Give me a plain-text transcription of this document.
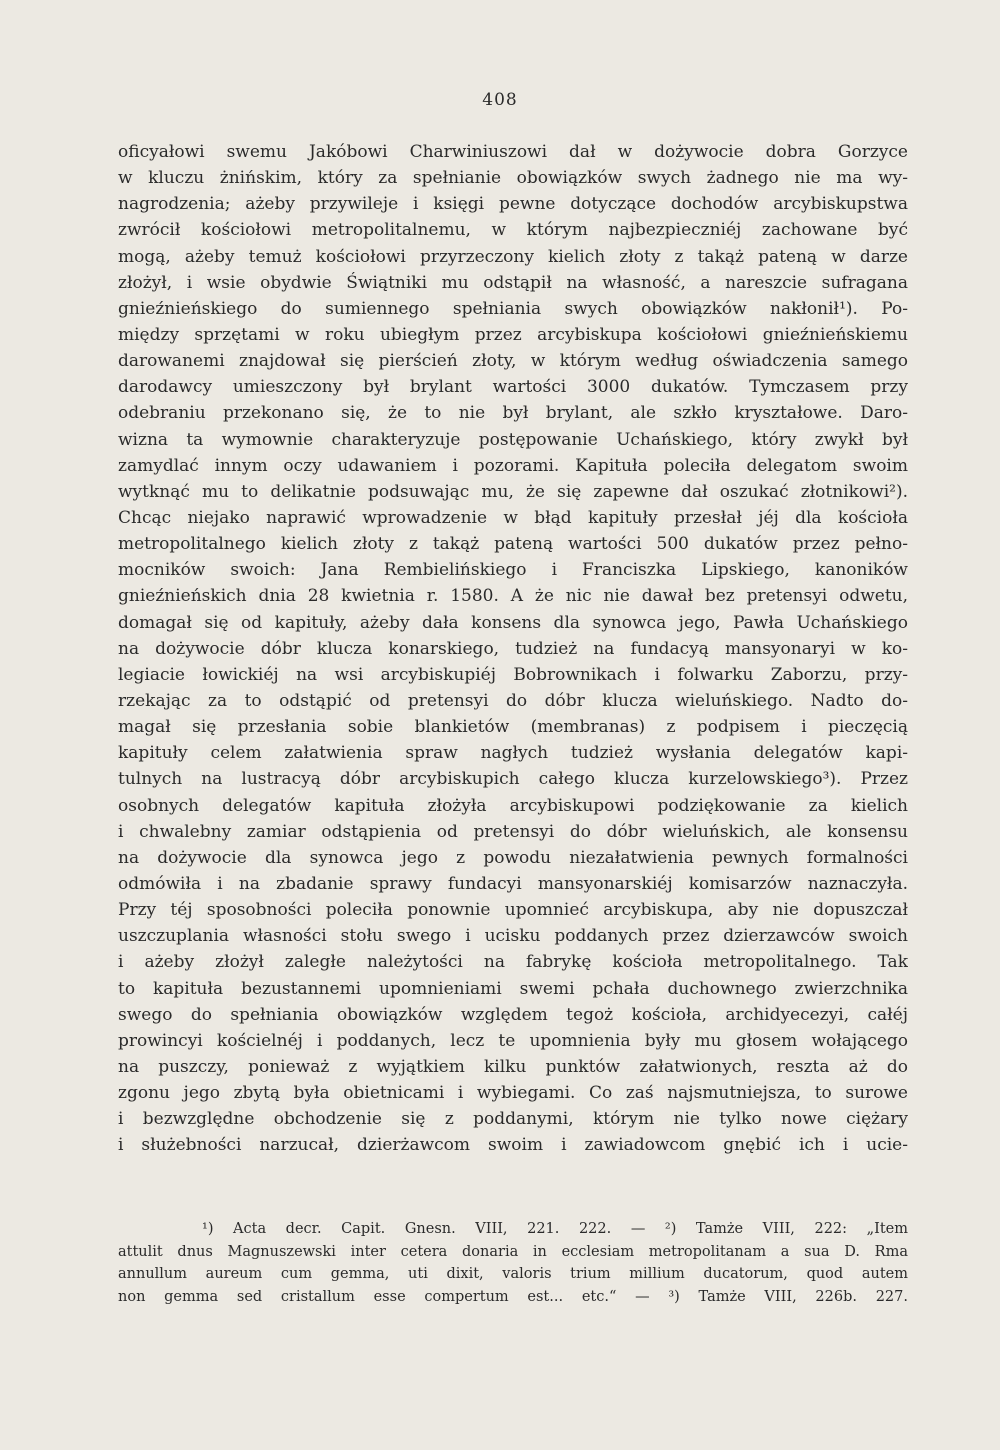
408
oficyałowi swemu Jakóbowi Charwiniuszowi dał w dożywocie dobra Gorzyce
w kluczu żnińskim, który za spełnianie obowiązków swych żadnego nie ma wy-
nagrodzenia; ażeby przywileje i księgi pewne dotyczące dochodów arcybiskupstwa
zwrócił kościołowi metropolitalnemu, w którym najbezpieczniéj zachowane być
mogą, ażeby temuż kościołowi przyrzeczony kielich złoty z takąż pateną w darze
złożył, i wsie obydwie Świątniki mu odstąpił na własność, a nareszcie sufragana
gnieźnieńskiego do sumiennego spełniania swych obowiązków nakłonił¹). Po-
między sprzętami w roku ubiegłym przez arcybiskupa kościołowi gnieźnieńskiemu
darowanemi znajdował się pierścień złoty, w którym według oświadczenia samego
darodawcy umieszczony był brylant wartości 3000 dukatów. Tymczasem przy
odebraniu przekonano się, że to nie był brylant, ale szkło kryształowe. Daro-
wizna ta wymownie charakteryzuje postępowanie Uchańskiego, który zwykł był
zamydlać innym oczy udawaniem i pozorami. Kapituła poleciła delegatom swoim
wytknąć mu to delikatnie podsuwając mu, że się zapewne dał oszukać złotnikowi²).
Chcąc niejako naprawić wprowadzenie w błąd kapituły przesłał jéj dla kościoła
metropolitalnego kielich złoty z takąż pateną wartości 500 dukatów przez pełno-
mocników swoich: Jana Rembielińskiego i Franciszka Lipskiego, kanoników
gnieźnieńskich dnia 28 kwietnia r. 1580. A że nic nie dawał bez pretensyi odwetu,
domagał się od kapituły, ażeby dała konsens dla synowca jego, Pawła Uchańskiego
na dożywocie dóbr klucza konarskiego, tudzież na fundacyą mansyonaryi w ko-
legiacie łowickiéj na wsi arcybiskupiéj Bobrownikach i folwarku Zaborzu, przy-
rzekając za to odstąpić od pretensyi do dóbr klucza wieluńskiego. Nadto do-
magał się przesłania sobie blankietów (membranas) z podpisem i pieczęcią
kapituły celem załatwienia spraw nagłych tudzież wysłania delegatów kapi-
tulnych na lustracyą dóbr arcybiskupich całego klucza kurzelowskiego³). Przez
osobnych delegatów kapituła złożyła arcybiskupowi podziękowanie za kielich
i chwalebny zamiar odstąpienia od pretensyi do dóbr wieluńskich, ale konsensu
na dożywocie dla synowca jego z powodu niezałatwienia pewnych formalności
odmówiła i na zbadanie sprawy fundacyi mansyonarskiéj komisarzów naznaczyła.
Przy téj sposobności poleciła ponownie upomnieć arcybiskupa, aby nie dopuszczał
uszczuplania własności stołu swego i ucisku poddanych przez dzierzawców swoich
i ażeby złożył zaległe należytości na fabrykę kościoła metropolitalnego. Tak
to kapituła bezustannemi upomnieniami swemi pchała duchownego zwierzchnika
swego do spełniania obowiązków względem tegoż kościoła, archidyecezyi, całéj
prowincyi kościelnéj i poddanych, lecz te upomnienia były mu głosem wołającego
na puszczy, ponieważ z wyjątkiem kilku punktów załatwionych, reszta aż do
zgonu jego zbytą była obietnicami i wybiegami. Co zaś najsmutniejsza, to surowe
i bezwzględne obchodzenie się z poddanymi, którym nie tylko nowe ciężary
i służebności narzucał, dzierżawcom swoim i zawiadowcom gnębić ich i ucie-
¹) Acta decr. Capit. Gnesn. VIII, 221. 222. — ²) Tamże VIII, 222: „Item
attulit dnus Magnuszewski inter cetera donaria in ecclesiam metropolitanam a sua D. Rma
annullum aureum cum gemma, uti dixit, valoris trium millium ducatorum, quod autem
non gemma sed cristallum esse compertum est... etc.“ — ³) Tamże VIII, 226b. 227.
